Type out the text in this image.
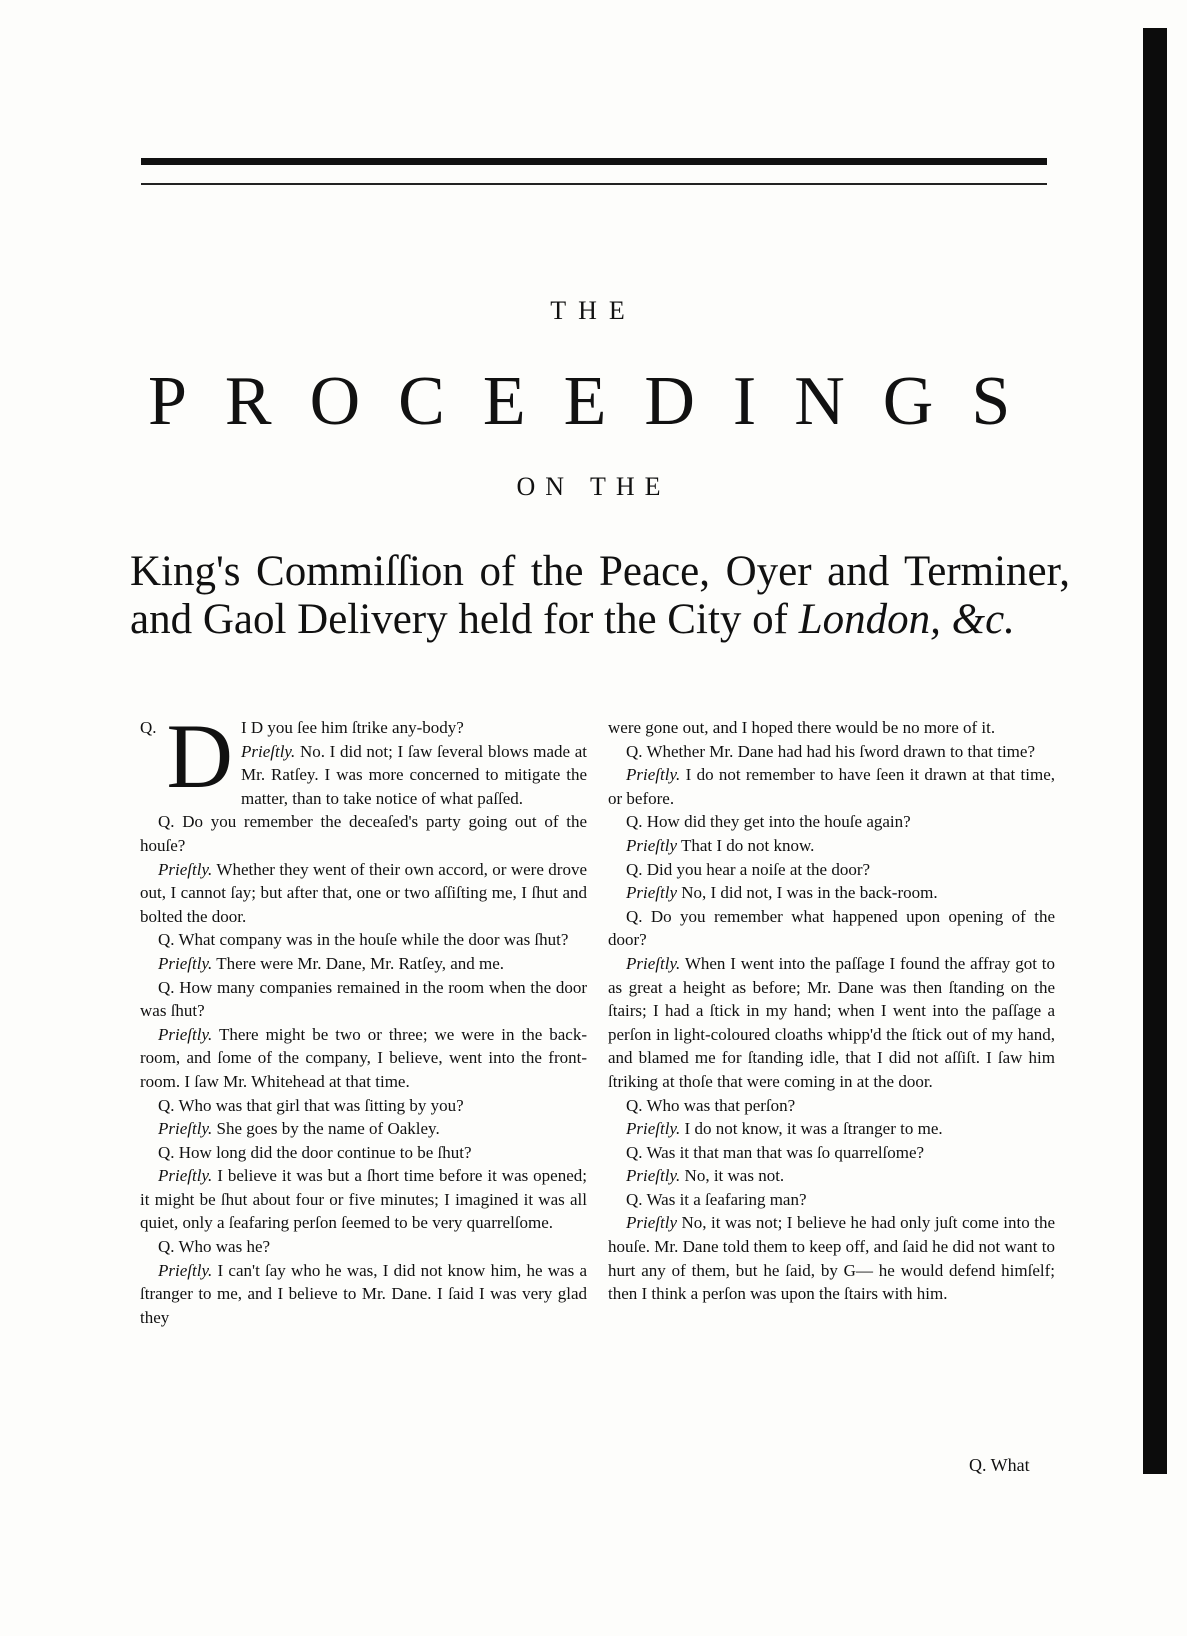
THE
PROCEEDINGS
ON THE
King's Commiſſion of the Peace, Oyer and Terminer, and Gaol Delivery held for the City of London, &c.

Q. D I D you ſee him ſtrike any-body?
Prieſtly. No. I did not; I ſaw ſeveral blows made at Mr. Ratſey. I was more concerned to mitigate the matter, than to take notice of what paſſed.

Q. Do you remember the deceaſed's party going out of the houſe?

Prieſtly. Whether they went of their own accord, or were drove out, I cannot ſay; but after that, one or two aſſiſting me, I ſhut and bolted the door.

Q. What company was in the houſe while the door was ſhut?

Prieſtly. There were Mr. Dane, Mr. Ratſey, and me.

Q. How many companies remained in the room when the door was ſhut?

Prieſtly. There might be two or three; we were in the back-room, and ſome of the company, I believe, went into the front-room. I ſaw Mr. Whitehead at that time.

Q. Who was that girl that was ſitting by you?

Prieſtly. She goes by the name of Oakley.

Q. How long did the door continue to be ſhut?

Prieſtly. I believe it was but a ſhort time before it was opened; it might be ſhut about four or five minutes; I imagined it was all quiet, only a ſeafaring perſon ſeemed to be very quarrelſome.

Q. Who was he?

Prieſtly. I can't ſay who he was, I did not know him, he was a ſtranger to me, and I believe to Mr. Dane. I ſaid I was very glad they

were gone out, and I hoped there would be no more of it.

Q. Whether Mr. Dane had had his ſword drawn to that time?

Prieſtly. I do not remember to have ſeen it drawn at that time, or before.

Q. How did they get into the houſe again?

Prieſtly That I do not know.

Q. Did you hear a noiſe at the door?

Prieſtly No, I did not, I was in the back-room.

Q. Do you remember what happened upon opening of the door?

Prieſtly. When I went into the paſſage I found the affray got to as great a height as before; Mr. Dane was then ſtanding on the ſtairs; I had a ſtick in my hand; when I went into the paſſage a perſon in light-coloured cloaths whipp'd the ſtick out of my hand, and blamed me for ſtanding idle, that I did not aſſiſt. I ſaw him ſtriking at thoſe that were coming in at the door.

Q. Who was that perſon?

Prieſtly. I do not know, it was a ſtranger to me.

Q. Was it that man that was ſo quarrelſome?

Prieſtly. No, it was not.

Q. Was it a ſeafaring man?

Prieſtly No, it was not; I believe he had only juſt come into the houſe. Mr. Dane told them to keep off, and ſaid he did not want to hurt any of them, but he ſaid, by G— he would defend himſelf; then I think a perſon was upon the ſtairs with him.

Q. What
